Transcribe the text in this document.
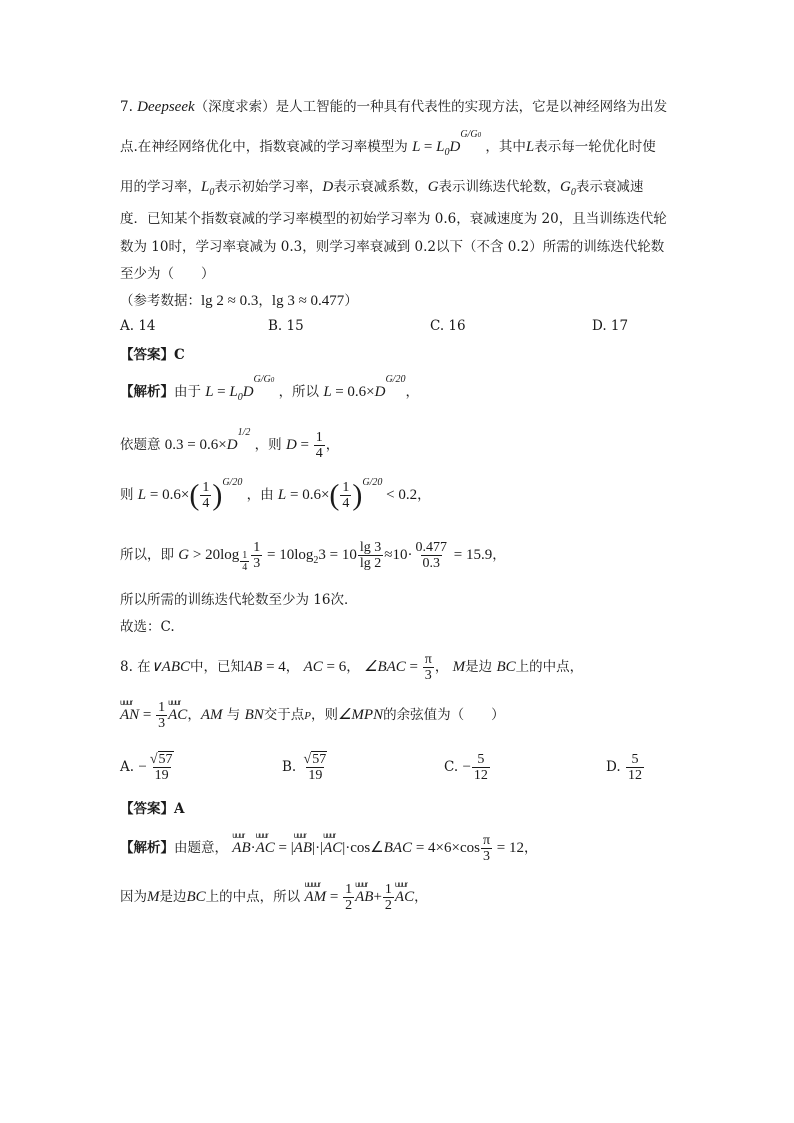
7. Deepseek（深度求索）是人工智能的一种具有代表性的实现方法，它是以神经网络为出发
点.在神经网络优化中，指数衰减的学习率模型为 $L = L_0D^{G/G0}$ ，其中L表示每一轮优化时使
用的学习率，$L_0$表示初始学习率，D表示衰减系数，G表示训练迭代轮数，$G_0$表示衰减速
度．已知某个指数衰减的学习率模型的初始学习率为 0.6，衰减速度为 20，且当训练迭代轮
数为 10时，学习率衰减为 0.3，则学习率衰减到 0.2以下（不含 0.2）所需的训练迭代轮数
至少为（　　）
（参考数据：lg 2 ≈ 0.3，lg 3 ≈ 0.477）
A. 14	B. 15	C. 16	D. 17
【答案】C
【解析】由于 $L = L_0D^{G/G0}$ ，所以 $L = 0.6\times D^{G/20}$，
依题意 $0.3 = 0.6\times D^{1/2}$ ，则 $D = \frac{1}{4}$ ，
则 $L = 0.6\times( \frac{1}{4} )^{G/20}$ ，由 $L = 0.6\times( \frac{1}{4} )^{G/20} < 0.2$，
所以，即 $G > 20\log \frac{1}{4} \frac{1}{3} = 10\log_23 = 10 \frac{\lg 3}{\lg 2} \approx 10\cdot \frac{0.477}{0.3} = 15.9$，
所以所需的训练迭代轮数至少为 16次．
故选：C.
8. 在∨ABC中，已知AB = 4， AC = 6， ∠BAC = $\frac{\pi}{3}$ ， M是边 BC上的中点，
AN
uuur
= $\frac{1}{3}$ AC
uuur
，AM 与 BN交于点P，则∠MPN的余弦值为（　　）
A. − $\frac{√57}{19}$	B. $\frac{√57}{19}$	C. − $\frac{5}{12}$	D. $\frac{5}{12}$
【答案】A
【解析】由题意， AB
uuur
·AC
uuur
= |AB
uuur
|·|AC
uuur
|·cos∠BAC = $4\times 6\times\cos \frac{\pi}{3} = 12$，
因为M是边BC上的中点，所以 AM
uuuur
= $\frac{1}{2}$ AB
uuur
+ $\frac{1}{2}$ AC
uuur
，
